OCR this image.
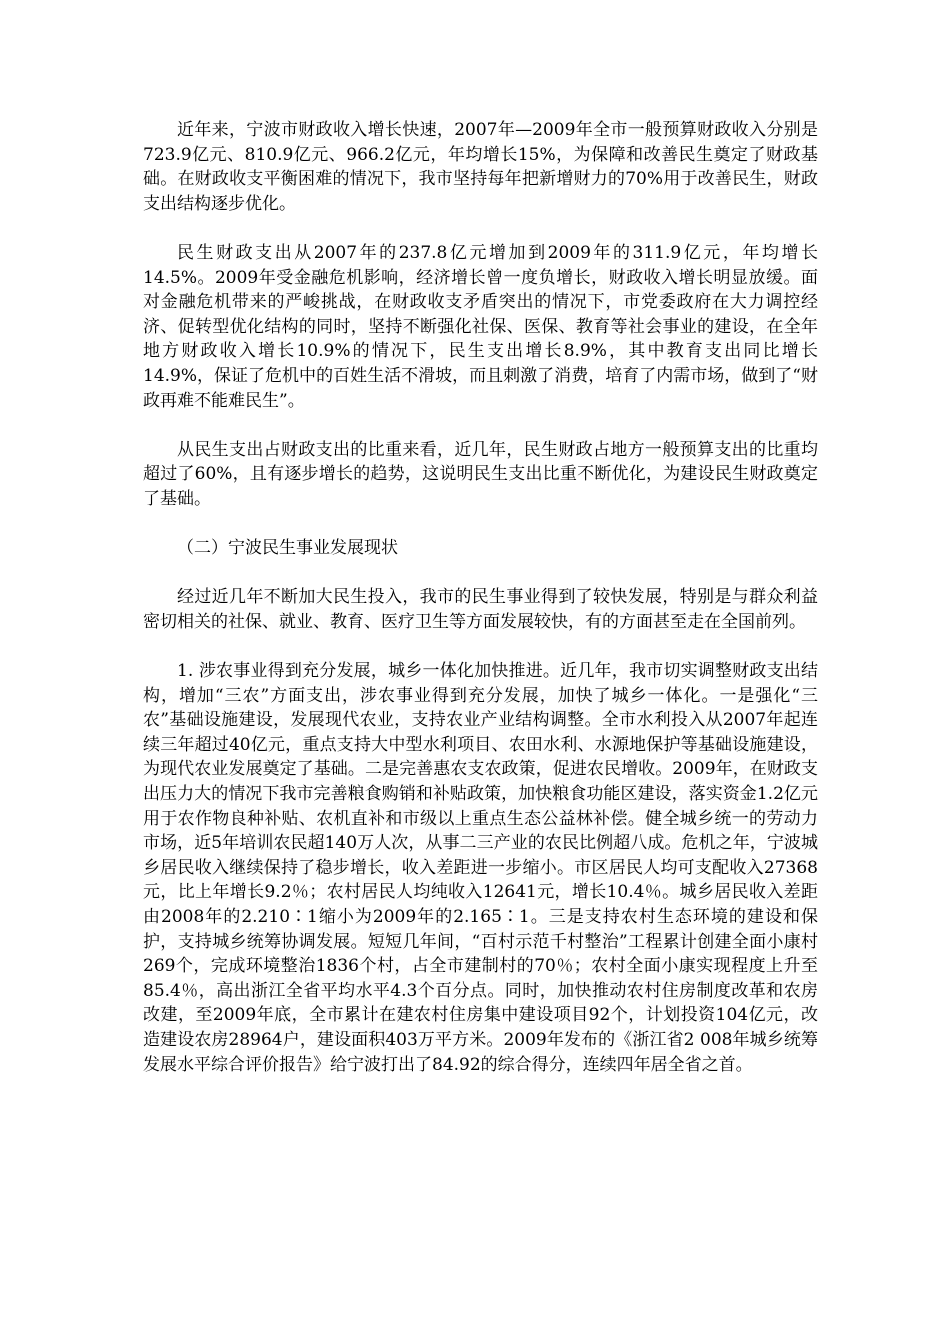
近年来，宁波市财政收入增长快速，2007年—2009年全市一般预算财政收入分别是723.9亿元、810.9亿元、966.2亿元，年均增长15%，为保障和改善民生奠定了财政基础。在财政收支平衡困难的情况下，我市坚持每年把新增财力的70%用于改善民生，财政支出结构逐步优化。

民生财政支出从2007年的237.8亿元增加到2009年的311.9亿元，年均增长14.5%。2009年受金融危机影响，经济增长曾一度负增长，财政收入增长明显放缓。面对金融危机带来的严峻挑战，在财政收支矛盾突出的情况下，市党委政府在大力调控经济、促转型优化结构的同时，坚持不断强化社保、医保、教育等社会事业的建设，在全年地方财政收入增长10.9%的情况下，民生支出增长8.9%，其中教育支出同比增长14.9%，保证了危机中的百姓生活不滑坡，而且刺激了消费，培育了内需市场，做到了“财政再难不能难民生”。

从民生支出占财政支出的比重来看，近几年，民生财政占地方一般预算支出的比重均超过了60%，且有逐步增长的趋势，这说明民生支出比重不断优化，为建设民生财政奠定了基础。

（二）宁波民生事业发展现状

经过近几年不断加大民生投入，我市的民生事业得到了较快发展，特别是与群众利益密切相关的社保、就业、教育、医疗卫生等方面发展较快，有的方面甚至走在全国前列。

1. 涉农事业得到充分发展，城乡一体化加快推进。近几年，我市切实调整财政支出结构，增加“三农”方面支出，涉农事业得到充分发展，加快了城乡一体化。一是强化“三农”基础设施建设，发展现代农业，支持农业产业结构调整。全市水利投入从2007年起连续三年超过40亿元，重点支持大中型水利项目、农田水利、水源地保护等基础设施建设，为现代农业发展奠定了基础。二是完善惠农支农政策，促进农民增收。2009年，在财政支出压力大的情况下我市完善粮食购销和补贴政策，加快粮食功能区建设，落实资金1.2亿元用于农作物良种补贴、农机直补和市级以上重点生态公益林补偿。健全城乡统一的劳动力市场，近5年培训农民超140万人次，从事二三产业的农民比例超八成。危机之年，宁波城乡居民收入继续保持了稳步增长，收入差距进一步缩小。市区居民人均可支配收入27368元，比上年增长9.2％；农村居民人均纯收入12641元，增长10.4％。城乡居民收入差距由2008年的2.210∶1缩小为2009年的2.165∶1。三是支持农村生态环境的建设和保护，支持城乡统筹协调发展。短短几年间，“百村示范千村整治”工程累计创建全面小康村269个，完成环境整治1836个村，占全市建制村的70％；农村全面小康实现程度上升至85.4％，高出浙江全省平均水平4.3个百分点。同时，加快推动农村住房制度改革和农房改建，至2009年底，全市累计在建农村住房集中建设项目92个，计划投资104亿元，改造建设农房28964户，建设面积403万平方米。2009年发布的《浙江省2 008年城乡统筹发展水平综合评价报告》给宁波打出了84.92的综合得分，连续四年居全省之首。
